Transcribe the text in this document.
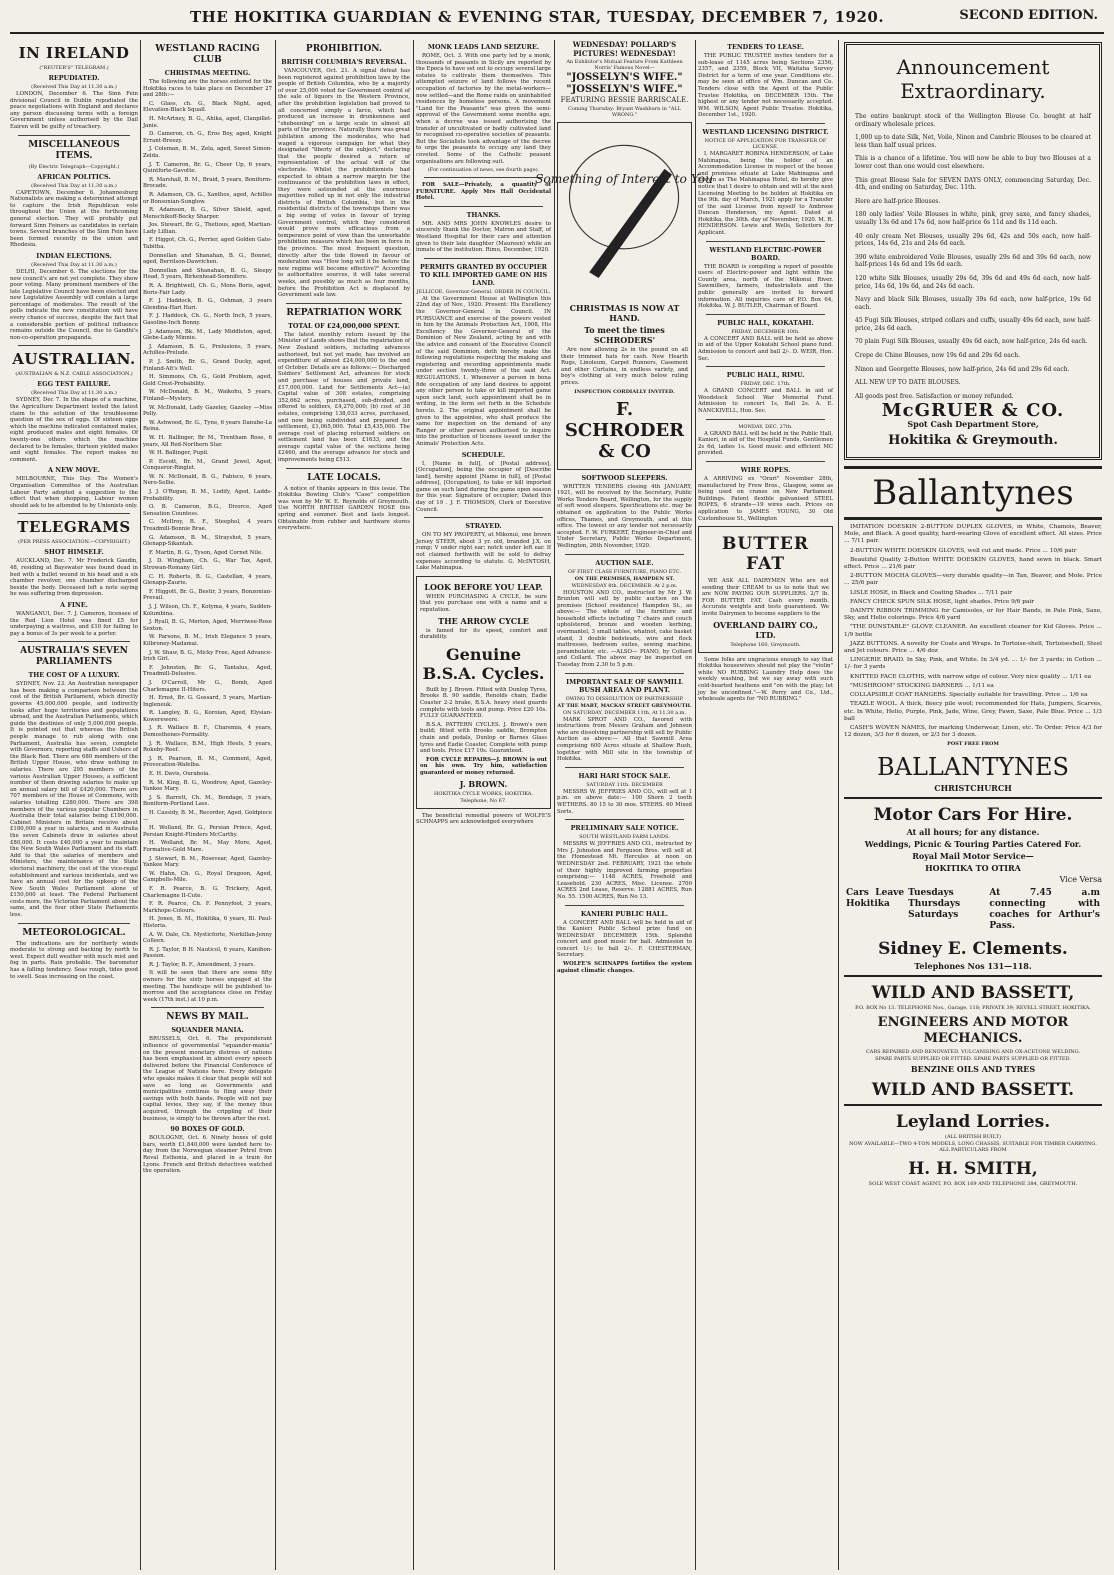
THE HOKITIKA GUARDIAN & EVENING STAR, TUESDAY, DECEMBER 7, 1920.	SECOND EDITION.
IN IRELAND
("REUTER'S" TELEGRAM.)
REPUDIATED.
(Received This Day at 11.30 a.m.)

LONDON, December 6. The Sinn Fein divisional Council in Dublin repudiated the peace negotiations with England and declares any person discussing terms with a foreign Government unless authorised by the Dail Eairen will be guilty of treachery.

MISCELLANEOUS ITEMS.
(By Electric Telegraph—Copyright.)
AFRICAN POLITICS.
(Received This Day at 11.30 a.m.)

CAPETOWN, December 6. Johannesburg Nationalists are making a determined attempt to capture the Irish Republican vote throughout the Union at the forthcoming general election. They will probably put forward Sinn Feiners as candidates in certain towns. Several branches of the Sinn Fein have been formed recently in the union and Rhodesia.

INDIAN ELECTIONS.
(Received This Day at 11.30 a.m.)

DELHI, December 6. The elections for the new council's are not yet complete. They show poor voting. Many prominent members of the late Legislative Council have been elected and new Legislative Assembly will contain a large percentage of moderates. The result of the polls indicate the new constitution will have every chance of success, despite the fact that a considerable portion of political influence remains outside the Council, due to Gandhi's non-co-operation propaganda.

AUSTRALIAN.
(AUSTRALIAN & N.Z. CABLE ASSOCIATION.)
EGG TEST FAILURE.
(Received This Day at 11.30 a.m.)

SYDNEY, Dec 7. In the shape of a machine, the Agriculture Department tested the latest claim to the solution of the troublesome question of the sex of eggs. Of sixteen eggs which the machine indicated contained males, eight produced males and eight females. Of twenty-one others which the machine declared to be females, thirteen yielded males and eight females. The report makes no comment.

A NEW MOVE.

MELBOURNE, This Day. The Women's Organisation Committee of the Australian Labour Party adopted a suggestion to the effect that when shopping, Labour women should ask to be attended to by Unionists only.

TELEGRAMS
(PER PRESS ASSOCIATION.—COPYRIGHT.)
SHOT HIMSELF.

AUCKLAND, Dec. 7. Mr Frederick Gaudin, 48, residing at Bayswater was found dead in bed with a bullet wound in his head and a six chamber revolver, one chamber discharged beside the body. Deceased left a note saying he was suffering from depression.

A FINE.

WANGANUI, Dec. 7. J. Cameron, licensee of the Red Lion Hotel was fined £5 for underpaying a waitress, and £10 for failing to pay a bonus of 3s per week to a porter.

AUSTRALIA'S SEVEN PARLIAMENTS
THE COST OF A LUXURY.

SYDNEY, Nov. 23. An Australian newspaper has been making a comparison between the cost of the British Parliament, which directly governs 45,000,000 people, and indirectly looks after huge territories and populations abroad, and the Australian Parliaments, which guide the destinies of only 5,000,000 people. It is pointed out that whereas the British people manage to rub along with one Parliament, Australia has seven, complete with Governors, reporting staffs and Ushers of the Black Rod. There are 680 members of the British Upper House, who draw nothing in salaries. There are 295 members of the various Australian Upper Houses, a sufficient number of them drawing salaries to make up an annual salary bill of £420,000. There are 707 members of the House of Commons, with salaries totalling £280,000. There are 398 members of the various popular Chambers in Australia their total salaries being £190,000. Cabinet Ministers in Britain receive about £180,000 a year in salaries, and in Australia the seven Cabinets draw in salaries about £80,000. It costs £40,000 a year to maintain the New South Wales Parliament and its staff. Add to that the salaries of members and Ministers, the maintenance of the State electoral machinery, the cost of the vice-regal establishment and various incidentals, and we have an annual cost for the upkeep of the New South Wales Parliament alone of £150,000 at least. The Federal Parliament costs more, the Victorian Parliament about the same, and the four other State Parliaments less.

METEOROLOGICAL.

The indications are for northerly winds moderate to strong and backing by north to west. Expect dull weather with much mist and fog in parts. Rain probable. The barometer has a falling tendency. Seas rough, tides good to swell. Seas increasing on the coast.

WESTLAND RACING CLUB
CHRISTMAS MEETING.

The following are the horses entered for the Hokitika races to take place on December 27 and 28th:—

C. Glass, ch. G., Black Night, aged, Elevation-Black Squall.

H. McArtney, B. G., Ahika, aged, Clanpillet-Janie.

D. Cameron, ch. G., Eros Boy, aged, Knight Errant-Breezy.

J. Coleman, B. M., Zela, aged, Sweet Simon-Zelda.

J. T. Cameron, Br. G., Cheer Up, 6 years, Quintforte-Gavotte.

R. Marshall, B. M., Braid, 5 years, Boniform-Brocade.

R. Adamson, Ch. G., Xanthos, aged, Achilles or Bonsonian-Sunglow.

R. Adamson, B. G., Silver Shield, aged, Menschikoff-Becky Sharper.

Jos. Stewart, Br. G., Thetious, aged, Martian-Lady Lillian.

F. Higgot, Ch. G., Perrier, aged Golden Gate-Tabitha.

Donnellan and Shanahan, B. G., Bonnet, aged, Berrilson-Dawrichen.

Donnellan and Shanahan, B. G., Sleepy Head, 5 years, Birkenhead-Somnifere.

R. A. Brightwell, Ch. G., Mons Boris, aged, Boris-Fair Lady.

F. J. Haddock, B. G., Oshman, 3 years Glendina-Hari Hari.

F. J. Haddock, Ch. G., North Inch, 5 years, Gasoline-Inch Bonny.

J. Adamson, Bk. M., Lady Middleton, aged, Glebe-Lady Minnie.

J. Adamson, B. G., Prelusions, 5 years, Achilles-Prelude.

P. J. Smith, Br. G., Grand Ducky, aged, Finland-Alt's Well.

H. Simmons, Ch. G., Gold Problem, aged, Gold Crest-Probability.

W. McDonald, B. M., Waikohu, 5 years, Finland—Mystery.

W. McDonald, Lady Gazeley, Gazeley —Miss Polly.

W. Ashwood, Br. G., Tyne, 6 years Danube-La Reina.

W. H. Ballinger, Br M., Trentham Rose, 6 years, All Red-Northern Star.

W. H. Ballinger, Pupil.

P. Escott, Br. M., Grand Jewel, Aged, Conqueror-Ringlet.

W. N. McDonald, B. G., Fabisco, 6 years, Nero-Sellie.

J. J. O'Regan, B. M., Lodify, Aged, Ladds-Probability.

O. B. Cameron, B.G., Divorce, Aged Sensation Countess.

C. McIlroy, B. F., Steephol, 4 years Treadmill-Bonnie Brae.

G. Adamson, B. M., Strayshot, 5 years, Glenapp-Sikantah.

F. Martin, B. G., Tyson, Aged Cornet Nile.

J. D. Wingham, Ch. G., War Tax, Aged, Strowan-Romany Girl.

C. H. Roberts, B. G., Castellan, 4 years, Glenapp-Zaurie.

F. Higgott, Br. G., Bestir, 3 years, Bonzonian-Prevail.

J. J. Wilson, Ch. F., Kotyma, 4 years, Sudden-Kolumbina.

J. Ryall, B. G., Merton, Aged, Merriwee-Rose Sexton.

W. Parsons, B. M., Irish Elegance 5 years, Kilbroney-Madamai.

J. W. Shaw, B. G., Micky Free, Aged Advance-Irish Girl.

F. Johnston, Br. G., Tantalus, Aged, Treadmill-Delusive.

J. O'Carroll, Mr G., Bomb, Aged Charlemagne II-Hiters.

H. Ernst, Br. G. Gossard, 5 years, Martian-Ingleneuk.

R. Langley, B. G., Koroian, Aged, Elysian-Kowerewere.

J. R. Wallace B. F., Charemia, 4 years, Demosthenes-Formality.

J. R. Wallace, B.M., High Heels, 5 years, Rokeby-Reef.

J. R. Pearson, B. M., Comment, Aged, Provocation-Wafelba.

E. H. Davis, Ouraboia.

R. M. King, B. G., Woodrow, Aged, Gazeley-Yankee Mary.

J. S. Barrett, Ch. M., Bondage, 5 years, Boniform-Portland Lass.

H. Cassidy, B. M., Recorder, Aged, Goldpiece—

H. Wolland, Br. G., Persian Prince, Aged, Persian Knight-Flinders McCarthy.

H. Wolland, Br. M., May More, Aged, Formative-Gold Mare.

J. Stewart, B. M., Rosevear, Aged, Gazeley-Yankee Mary.

W. Hahn, Ch. G., Royal Dragoon, Aged, Campbells-Mile.

F. R. Pearce, B. G. Trickery, Aged, Charlemagne II-Cute.

F. R. Pearce, Ch. F. Pennyfoot, 3 years, Markhope-Colours.

H. Jones, B. M., Hokitika, 6 years, Bl. Paul-Historia.

A. W. Dale, Ch. Mysticforte, Norkillan-Jenny Colleen.

R. J. Taylor, B H. Nauticol, 6 years, Kanibon-Passion.

R. J. Taylor, B. F., Amendment, 3 years.

It will be seen that there are some fifty owners for the sixty horses engaged at the meeting. The handicaps will be published to-morrow and the acceptances close on Friday week (17th inst.) at 10 p.m.

NEWS BY MAIL.
SQUANDER MANIA.

BRUSSELS, Oct. 6. The preponderant influence of governmental "squander-mania" on the present monetary distress of nations has been emphasised in almost every speech delivered before the Financial Conference of the League of Nations here. Every delegate who speaks makes it clear that people will not save so long as Governments and municipalities continue to fling away their savings with both hands. People will not pay capital levies, they say, if the money thus acquired, through the crippling of their business, is simply to be thrown after the rest.

90 BOXES OF GOLD.

BOULOGNE, Oct. 6. Ninety boxes of gold bars, worth £1,840,000 were landed here to-day from the Norwegian steamer Petrel from Reval Esthonia, and placed in a train for Lyons. French and British detectives watched the operation.

PROHIBITION.
BRITISH COLUMBIA'S REVERSAL.

VANCOUVER, Oct. 21. A signal defeat has been registered against prohibition laws by the people of British Columbia, who by a majority of over 25,000 voted for Government control of the sale of liquors in the Western Province, after the prohibition legislation had proved to all concerned simply a farce, which had produced an increase in drunkenness and "shebeening" on a large scale in almost all parts of the province. Naturally there was great jubilation among the moderates, who had waged a vigorous campaign for what they designated "liberty of the subject," declaring that the people desired a return of representation of the actual will of the electorate. Whilst the prohibitionists had expected to obtain a narrow margin for the continuance of the prohibition laws in effect, they were astounded at the enormous majorities rolled up in not only the industrial districts of British Columbia, but in the residential districts of the townships there was a big swing of votes in favour of trying Government control, which they considered would prove more efficacious from a temperance point of view than the unworkable prohibition measure which has been in force in the province. The most frequent question, directly after the tide flowed in favour of moderation was "How long will it be before the new regime will become effective?" According to authoritative sources, it will take several weeks, and possibly as much as four months, before the Prohibition Act is displaced by Government sale law.

REPATRIATION WORK
TOTAL OF £24,000,000 SPENT.

The latest monthly return issued by the Minister of Lands shows that the repatriation of New Zealand soldiers, including advances authorised, but not yet made, has involved an expenditure of almost £24,000,000 to the end of October. Details are as follows:— Discharged Soldiers' Settlement Act, advances for stock and purchase of houses and private land, £17,000,000. Land for Settlements Act—(a) Capital value of 308 estates, comprising 352,662 acres, purchased, sub-divided, and offered to soldiers, £4,270,000; (b) cost of 38 estates, comprising 138,033 acres, purchased, and now being subdivided and prepared for settlement, £1,065,000. Total £5,435,000. The average cost of placing returned soldiers on settlement land has been £1633, and the average capital value of the sections being £2460, and the average advance for stock and improvements being £513.

LATE LOCALS.

A notice of thanks appears in this issue. The Hokitika Bowling Club's "Case" competition was won by Mr W. E. Reynolds of Greymouth. Use NORTH BRITISH GARDEN HOSE this spring and summer. Best and lasts longest. Obtainable from rubber and hardware stores everywhere.

MONK LEADS LAND SEIZURE.

ROME, Oct. 3. With one party led by a monk, thousands of peasants in Sicily are reported by the Epoca to have set out to occupy several large estates to cultivate them themselves. This attempted seizure of land follows the recent occupation of factories by the metal-workers—now settled—and the Rome raids on uninhabited residences by homeless persons. A movement "Land for the Peasants" was given the semi-approval of the Government some months ago, when a decree was issued authorising the transfer of uncultivated or badly cultivated land to recognised co-operative societies of peasants. But the Socialists took advantage of the decree to urge the peasants to occupy any land they coveted. Some of the Catholic peasant organisations are following suit.

(For continuation of news, see fourth page).

FOR SALE—Privately, a quantity of FURNITURE. Apply Mrs Hall Occidental Hotel.

THANKS.

MR. AND MRS JOHN KNOWLES desire to sincerely thank the Doctor, Matron and Staff, of Westland Hospital for their care and attention given to their late daughter (Maureen) while an inmate of the institution. Rimu, December, 1920.

PERMITS GRANTED BY OCCUPIER TO KILL IMPORTED GAME ON HIS LAND.
JELLICOE, Governor-General. ORDER IN COUNCIL.

At the Government House at Wellington this 22nd day of Nov., 1920. Present: His Excellency the Governor-General in Council. IN PURSUANCE and exercise of the powers vested in him by the Animals Protection Act, 1908, His Excellency the Governor-General of the Dominion of New Zealand, acting by and with the advice and consent of the Executive Council of the said Dominion, doth hereby make the following regulations respecting the making and registering and recording appointments made under section twenty-three of the said Act. REGULATIONS. 1. Whenever a person in bona fide occupation of any land desires to appoint any other person to take or kill imported game upon such land, such appointment shall be in writing, in the form set forth in the Schedule hereto. 2. The original appointment shall be given to the appointee, who shall produce the same for inspection on the demand of any Ranger or other person authorised to inquire into the production of licenses issued under the Animals' Protection Acts.

SCHEDULE.

I, [Name in full], of [Postal address], [Occupation], being the occupier of [Describe land], hereby appoint [Name in full], of [Postal address], [Occupation], to take or kill imported game on such land during the game open season for this year. Signature of occupier; Dated this day of 19 . J. F. THOMSON, Clerk of Executive Council.

STRAYED.

ON TO MY PROPERTY, at Mikonui, one brown Jersey STEER, about 3 yr. old, branded J.X. on rump; V under right ear; notch under left ear. If not claimed forthwith will be sold to defray expenses according to statute. G. McINTOSH, Lake Mahinapua.

LOOK BEFORE YOU LEAP.

WHEN PURCHASING A CYCLE, be sure that you purchase one with a name and a reputation.

THE ARROW CYCLE

is famed for its speed, comfort and durability.

Genuine B.S.A. Cycles.

Built by J. Brown. Fitted with Dunlop Tyres, Brooks B. 90 saddle, Renolds chain, Eadie Coaster 2-2 brake, B.S.A. heavy steel guards complete with tools and pump. Price £20 10s. FULLY GUARANTEED.

B.S.A. PATTERN CYCLES. J. Brown's own build; fitted with Brooks saddle, Brompton chain and pedals, Dunlop or Barnes Glass tyres and Eadie Coaster. Complete with pump and tools. Price £17 10s. Guaranteed.

FOR CYCLE REPAIRS—J. BROWN is out on his own. Try him, satisfaction guaranteed or money returned.

J. BROWN.
HOKITIKA CYCLE WORKS, HOKITIKA.
Telephone, No 67.

The beneficial remedial powers of WOLFE'S SCHNAPPS are acknowledged everywhere

WEDNESDAY! POLLARD'S PICTURES! WEDNESDAY!
An Exhibitor's Mutual Feature From Kathleen Norris' Famous Novel—
"JOSSELYN'S WIFE." "JOSSELYN'S WIFE."
FEATURING BESSIE BARRISCALE.
Coming Thursday: Bryant Washburn in "ALL WRONG."
Something of Interest to You
CHRISTMAS IS NOW AT HAND.
To meet the times SCHRODERS'

Are now allowing 2s in the pound on all their trimmed hats for cash. New Hearth Rugs, Linoleum, Carpet Runners, Casement and other Curtains, in endless variety, and boy's clothing at very much below ruling prices.

INSPECTION CORDIALLY INVITED.
F. SCHRODER & CO
SOFTWOOD SLEEPERS.

WRITTEN TENDERS closing 4th JANUARY, 1921, will be received by the Secretary, Public Works Tenders Board, Wellington, for the supply of soft wood sleepers. Specifications etc. may be obtained on application to the Public Works offices, Thames, and Greymouth, and at this office. The lowest or any tender not necessarily accepted. F. W. FURKERT, Engineer-in-Chief and Under Secretary, Public Works Department, Wellington, 26th November, 1920.

AUCTION SALE.
OF FIRST CLASS FURNITURE, PIANO ETC.
ON THE PREMISES, HAMPDEN ST.
WEDNESDAY 8th. DECEMBER. At 2 p.m.

HOUSTON AND CO., instructed by Mr J. W. Brunton will sell by public auction on the premises (School residence) Hampden St., as above:— The whole of the furniture and household effects including 7 chairs and couch upholstered, bronze and wooden kerbing, overmantel, 3 small tables, whatnot, cake basket stand, 3 double bedsteads, wire and flock mattresses, bedroom suites, sewing machine, perambulator, etc. —ALSO— PIANO, by Collard and Collard. The above may be inspected on Tuesday from 2.30 to 5 p.m.

IMPORTANT SALE OF SAWMILL BUSH AREA AND PLANT.
OWING TO DISSOLUTION OF PARTNERSHIP.
AT THE MART, MACKAY STREET GREYMOUTH.
ON SATURDAY, DECEMBER 11th, At 11.30 a.m.

MARK SPROT AND CO., favored with instructions from Messrs Graham and Johnson who are dissolving partnership will sell by Public Auction as above:— All that Sawmill Area comprising 600 Acres situate at Shallow Rush, together with Mill site in the township of Hokitika.

HARI HARI STOCK SALE.
SATURDAY 11th. DECEMBER

MESSRS W. JEFFRIES AND CO., will sell at 1 p.m. on above date:— 100 Shorn 2 tooth WETHERS. 80 15 to 30 mos. STEERS. 60 Mixed Sorts.

PRELIMINARY SALE NOTICE.
SOUTH WESTLAND FARM LANDS.

MESSRS W. JEFFRIES AND CO., instructed by Mrs J. Johnston and Ferguson Bros. will sell at the Homestead Mt. Hercules at noon on WEDNESDAY 2nd. FEBRUARY, 1921 the whole of their highly improved farming properties comprising:— 1148 ACRES, Freehold and Leasehold. 230 ACRES, Misc. License. 2700 ACRES 2nd Lease, Reserve. 12881 ACRES, Run No. 55. 1500 ACRES, Run No 13.

KANIERI PUBLIC HALL.

A CONCERT AND BALL will be held in aid of the Kanieri Public School prize fund on WEDNESDAY DECEMBER 15th. Splendid concert and good music for ball. Admission to concert 1/-; to ball 2/-. F. CHESTERMAN, Secretary.

WOLFE'S SCHNAPPS fortifies the system against climatic changes.

TENDERS TO LEASE.

THE PUBLIC TRUSTEE invites tenders for a sub-lease of 1145 acres being Sections 2356, 2357, and 2359, Block VII, Waitaha Survey District for a term of one year. Conditions etc. may be seen at office of Wm. Duncan and Co. Tenders close with the Agent of the Public Trustee Hokitika, on DECEMBER 15th. The highest or any tender not necessarily accepted. WM. WILSON, Agent Public Trustee. Hokitika, December 1st., 1920.

WESTLAND LICENSING DISTRICT.
NOTICE OF APPLICATION FOR TRANSFER OF LICENSE.

I, MARGARET ROBINA HENDERSON, of Lake Mahinapua, being the holder of an Accommodation License in respect of the house and premises situate at Lake Mahinapua and known as The Mahinapua Hotel, do hereby give notice that I desire to obtain and will at the next Licensing Meeting to be holden at Hokitika on the 9th. day of March, 1921 apply for a Transfer of the said License from myself to Ambrose Duncan Henderson, my Agent. Dated at Hokitika, the 30th. day of November, 1920. M. R. HENDERSON. Lewis and Wells, Solicitors for Applicant.

WESTLAND ELECTRIC-POWER BOARD.

THE BOARD is compiling a report of possible users of Electric-power and light within the County area, north of the Mikonui River. Sawmillers, farmers, industrialists and the public generally are invited to forward information. All inquiries care of P.O. Box 64, Hokitika. W. J. BUTLER, Chairman of Board.

PUBLIC HALL, KOKATAHI.
FRIDAY, DECEMBER 10th.

A CONCERT AND BALL will be held as above in aid of the Upper Kokatahi School piano fund. Admission to concert and ball 2/-. D. WEIR, Hon. Sec.

PUBLIC HALL, RIMU.
FRIDAY, DEC. 17th.

A GRAND CONCERT and BALL in aid of Woodstock School War Memorial Fund. Admission to concert 1s, Ball 2s. A. E. NANCKIVELL, Hon. Sec.

MONDAY, DEC. 27th.

A GRAND BALL will be held in the Public Hall, Kanieri, in aid of the Hospital Funds. Gentlemen 2s 6d, ladies 1s. Good music and efficient MC provided.

WIRE ROPES.

A ARRIVING ex "Orari" November 28th, manufactured by Frew Bros., Glasgow, some as being used on cranes on New Parliament Buildings. Patent flexible galvanised STEEL ROPES, 6 strands—19 wires each. Prices on application to JAMES YOUNG, 30 Old Customhouse St., Wellington

BUTTER FAT

WE ASK ALL DAIRYMEN Who are not sending their CREAM to us to note that we are NOW PAYING OUR SUPPLIERS. 2/7 lb. FOR BUTTER FAT. Cash every month. Accurate weights and tests guaranteed. We invite Dairymen to become suppliers to the

OVERLAND DAIRY CO., LTD.
Telephone 160, Greymouth.

Some folks are ungracious enough to say that Hokitika housewives should not play the "violin" while NO RUBBING Laundry Help does the weekly washing, but we say away with such cold-hearted heathens and "on with the play; let joy be unconfined."—W. Perry and Co., Ltd., wholesale agents for "NO RUBBING."

Announcement Extraordinary.

The entire bankrupt stock of the Wellington Blouse Co. bought at half ordinary wholesale prices.

1,000 up to date Silk, Net, Voile, Ninon and Cambric Blouses to be cleared at less than half usual prices.

This is a chance of a lifetime. You will now be able to buy two Blouses at a lower cost than one would cost elsewhere.

This great Blouse Sale for SEVEN DAYS ONLY, commencing Saturday, Dec. 4th, and ending on Saturday, Dec. 11th.

Here are half-price Blouses.

180 only ladies' Voile Blouses in white, pink, grey saxe, and fancy shades, usually 13s 6d and 17s 6d, now half-price 6s 11d and 8s 11d each.

40 only cream Net Blouses, usually 29s 6d, 42s and 50s each, now half-prices, 14s 6d, 21s and 24s 6d each.

390 white embroidered Voile Blouses, usually 29s 6d and 39s 6d each, now half-prices 14s 6d and 19s 6d each.

120 white Silk Blouses, usually 29s 6d, 39s 6d and 49s 6d each, now half-price, 14s 6d, 19s 6d, and 24s 6d each.

Navy and black Silk Blouses, usually 39s 6d each, now half-price, 19s 6d each.

45 Fugi Silk Blouses, striped collars and cuffs, usually 49s 6d each, now half-price, 24s 6d each.

70 plain Fugi Silk Blouses, usually 49s 6d each, now half-price, 24s 6d each.

Crepe de Chine Blouses, now 19s 6d and 29s 6d each.

Ninon and Georgette Blouses, now half-price, 24s 6d and 29s 6d each.

ALL NEW UP TO DATE BLOUSES.

All goods post free. Satisfaction or money refunded.

McGRUER & CO.
Spot Cash Department Store,
Hokitika & Greymouth.
Ballantynes

IMITATION DOESKIN 2-BUTTON DUPLEX GLOVES, in White, Chamois, Beaver, Mole, and Black. A good quality, hard-wearing Glove of excellent effect. All sizes. Price ... 7/11 pair.

2-BUTTON WHITE DOESKIN GLOVES, well cut and made. Price ... 10/6 pair

Beautiful Quality 2-Button WHITE DOESKIN GLOVES, hand sewn in black. Smart effect. Price ... 21/6 pair

2-BUTTON MOCHA GLOVES—very durable quality—in Tan, Beaver, and Mole. Price ... 25/6 pair

LISLE HOSE, in Black and Coating Shades ... 7/11 pair

FANCY CHECK SPUN SILK HOSE, light shades. Price 9/6 pair

DAINTY RIBBON TRIMMING for Camisoles, or for Hair Bands, in Pale Pink, Saxe, Sky, and Helio colorings. Price 4/6 yard

"THE DUNSTABLE" GLOVE CLEANER. An excellent cleaner for Kid Gloves. Price ... 1/9 bottle

JAZZ BUTTONS. A novelty for Coats and Wraps. In Tortoise-shell, Tortoiseshell, Steel and Jet colours. Price ... 4/6 doz

LINGERIE BRAID. In Sky, Pink, and White. In 3/4 yd. ... 1/- for 3 yards; in Cotton ... 1/- for 3 yards

KNITTED FACE CLOTHS, with narrow edge of colour. Very nice quality ... 1/11 ea

"MUSHROOM" STOCKING DARNERS ... 1/11 ea

COLLAPSIBLE COAT HANGERS. Specially suitable for travelling. Price ... 1/6 ea

TEAZLE WOOL. A thick, fleecy pile wool; recommended for Hats, Jumpers, Scarves, etc. In White, Helio, Purple, Pink, Jade, Wine, Grey, Fawn, Saxe, Pale Blue. Price ... 1/3 ball

CASH'S WOVEN NAMES, for marking Underwear, Linen, etc. To Order. Price 4/3 for 12 dozen, 3/3 for 6 dozen, or 2/3 for 3 dozen.

POST FREE FROM
BALLANTYNES
CHRISTCHURCH
Motor Cars For Hire.
At all hours; for any distance.
Weddings, Picnic & Touring Parties Catered For.
Royal Mail Motor Service—
HOKITIKA TO OTIRA
Vice Versa
Cars Leave Hokitika	Tuesdays Thursdays Saturdays	At 7.45 a.m connecting with coaches for Arthur's Pass.
Sidney E. Clements.
Telephones Nos 131—118.
WILD AND BASSETT,
P.O. BOX No 13. TELEPHONE Nos., Garage, 118; PRIVATE 39; REVELL STREET, HOKITIKA.
ENGINEERS AND MOTOR MECHANICS.
CARS REPAIRED AND RENOVATED. VULCANISING AND OX-ACETONE WELDING.
SPARE PARTS SUPPLIED OR FITTED. SPARE PARTS SUPPLIED OR FITTED.
BENZINE OILS AND TYRES
WILD AND BASSETT.
Leyland Lorries.
(ALL BRITISH BUILT)
NOW AVAILABLE—TWO 4-TON MODELS, LONG CHASSIS, SUITABLE FOR TIMBER CARRYING. ALL PARTICULARS FROM
H. H. SMITH,
SOLE WEST COAST AGENT, P.O. BOX 169 AND TELEPHONE 384, GREYMOUTH.
